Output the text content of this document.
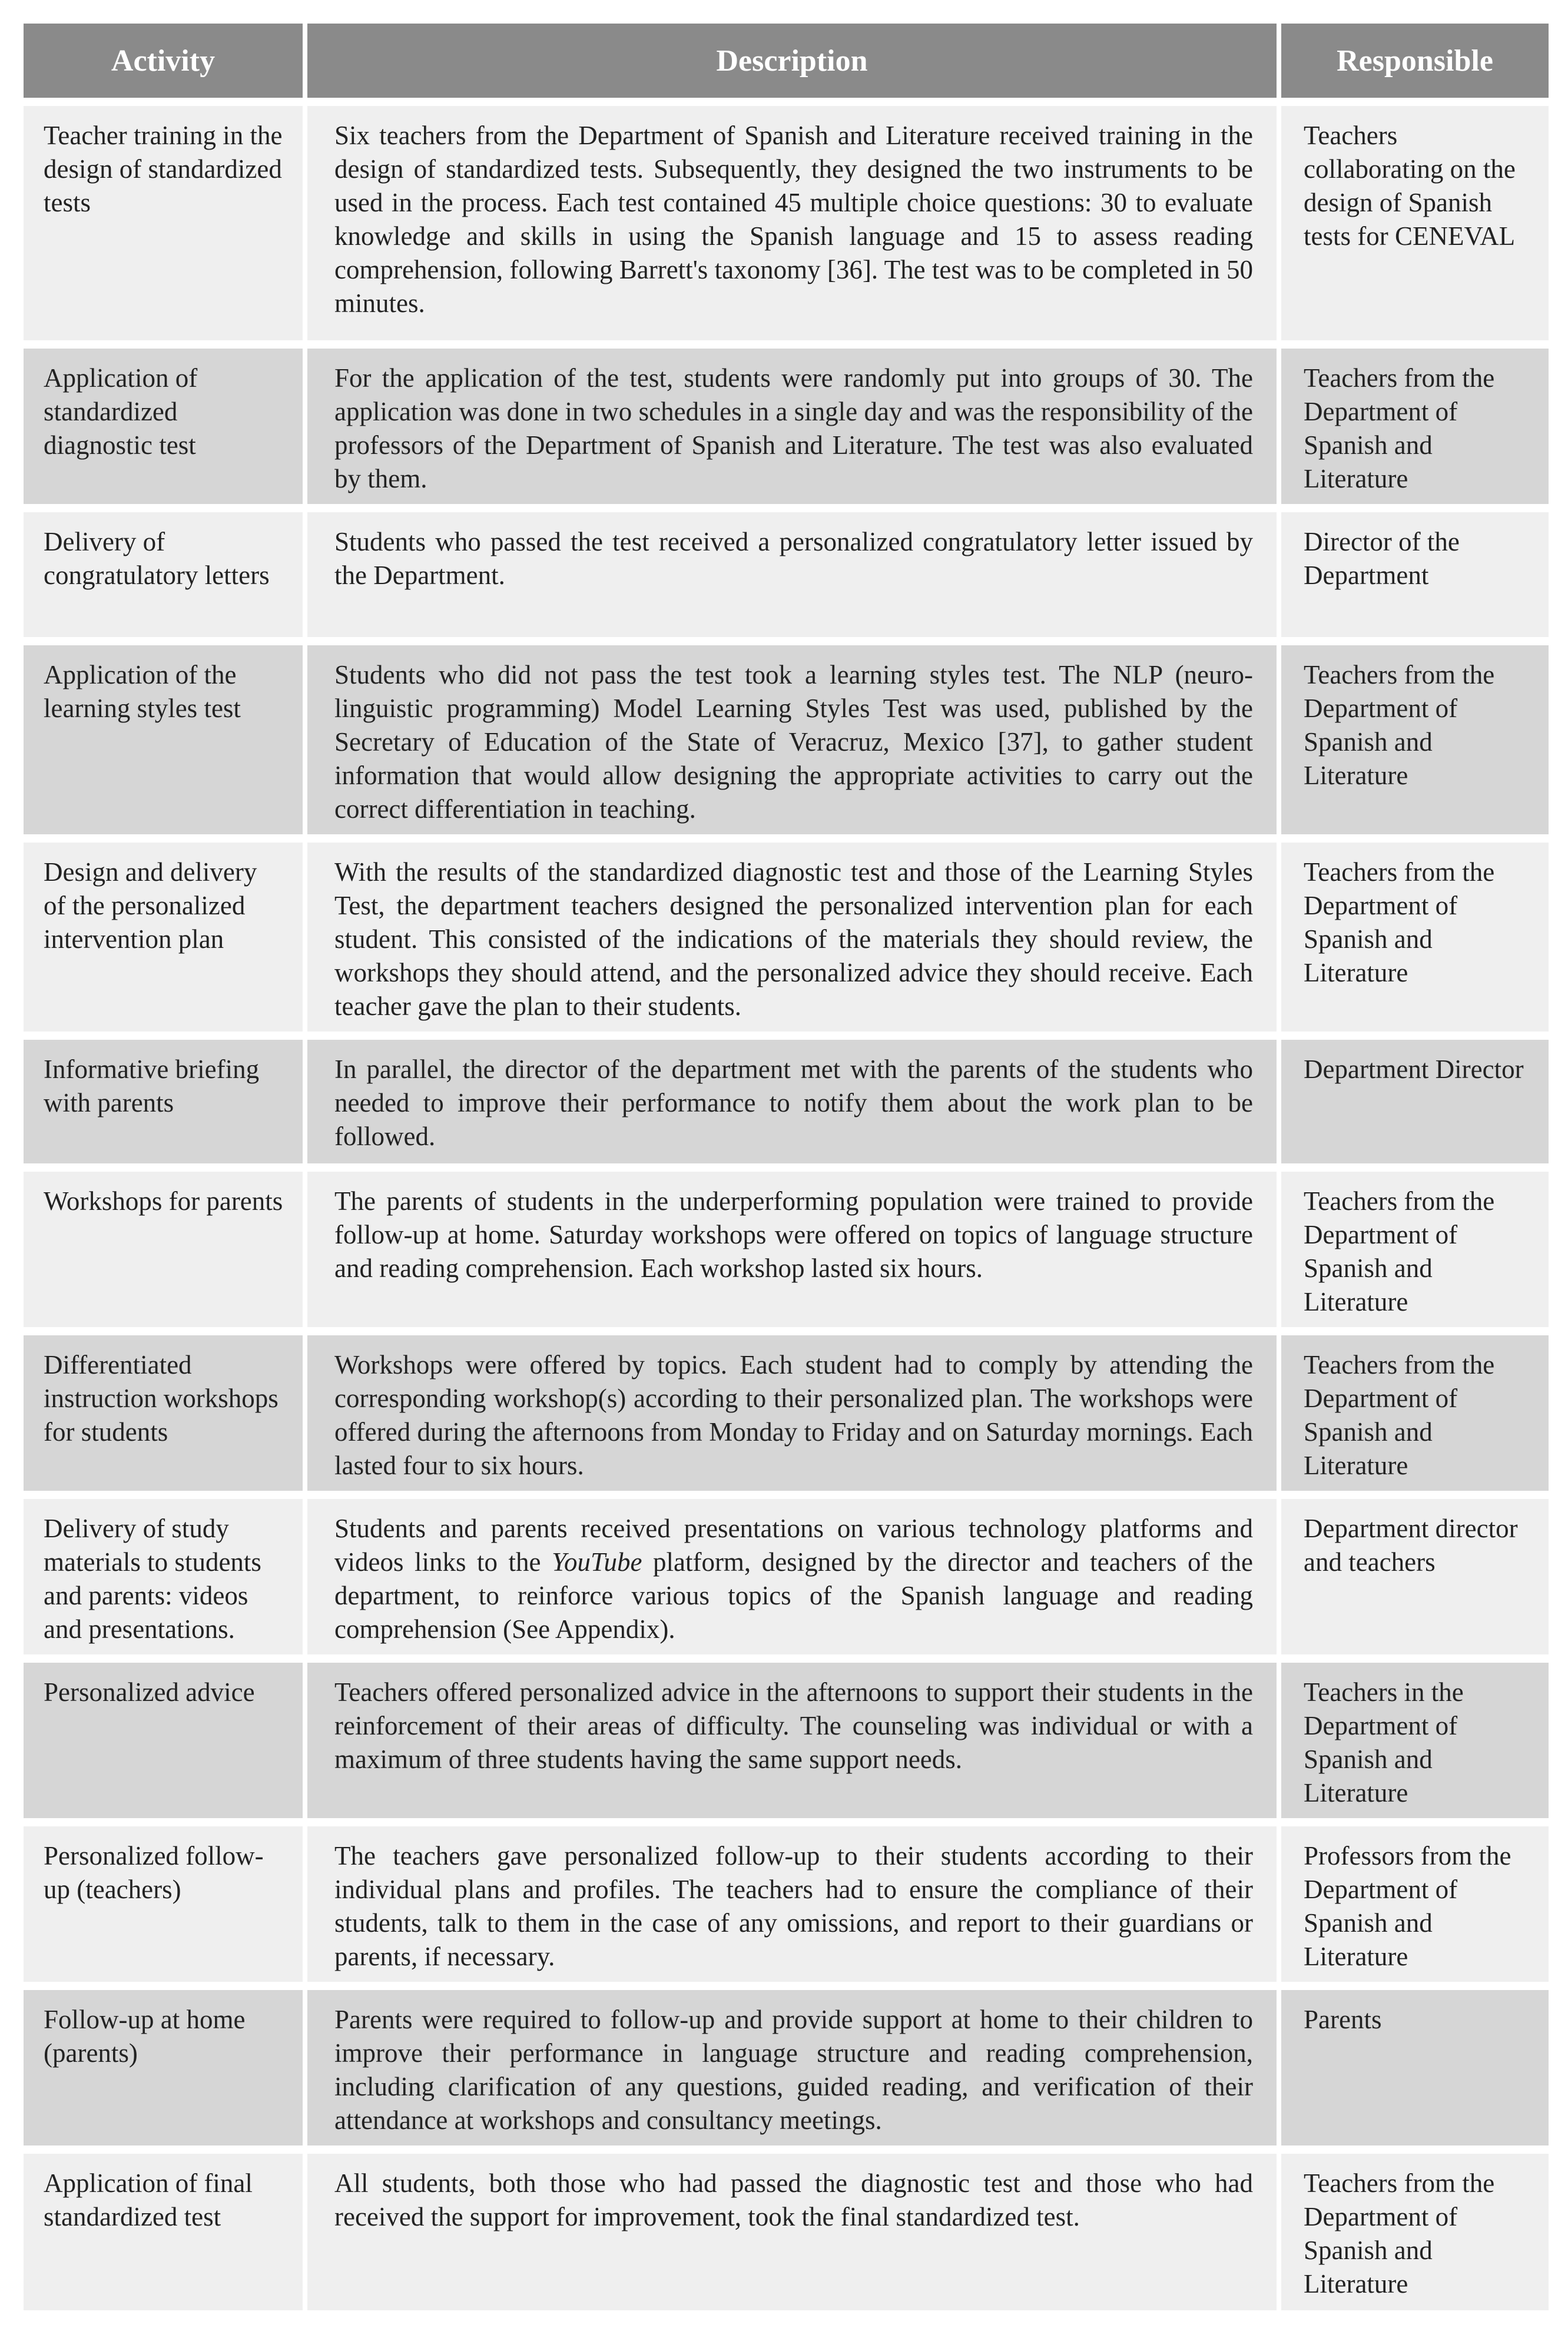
Activity	Description	Responsible
Teacher training in the design of standardized tests	Six teachers from the Department of Spanish and Literature received training in the design of standardized tests. Subsequently, they designed the two instruments to be used in the process. Each test contained 45 multiple choice questions: 30 to evaluate knowledge and skills in using the Spanish language and 15 to assess reading comprehension, following Barrett's taxonomy [36]. The test was to be completed in 50 minutes.	Teachers collaborating on the design of Spanish tests for CENEVAL
Application of standardized diagnostic test	For the application of the test, students were randomly put into groups of 30. The application was done in two schedules in a single day and was the responsibility of the professors of the Department of Spanish and Literature. The test was also evaluated by them.	Teachers from the Department of Spanish and Literature
Delivery of congratulatory letters	Students who passed the test received a personalized congratulatory letter issued by the Department.	Director of the Department
Application of the learning styles test	Students who did not pass the test took a learning styles test. The NLP (neuro-linguistic programming) Model Learning Styles Test was used, published by the Secretary of Education of the State of Veracruz, Mexico [37], to gather student information that would allow designing the appropriate activities to carry out the correct differentiation in teaching.	Teachers from the Department of Spanish and Literature
Design and delivery of the personalized intervention plan	With the results of the standardized diagnostic test and those of the Learning Styles Test, the department teachers designed the personalized intervention plan for each student. This consisted of the indications of the materials they should review, the workshops they should attend, and the personalized advice they should receive. Each teacher gave the plan to their students.	Teachers from the Department of Spanish and Literature
Informative briefing with parents	In parallel, the director of the department met with the parents of the students who needed to improve their performance to notify them about the work plan to be followed.	Department Director
Workshops for parents	The parents of students in the underperforming population were trained to provide follow-up at home. Saturday workshops were offered on topics of language structure and reading comprehension. Each workshop lasted six hours.	Teachers from the Department of Spanish and Literature
Differentiated instruction workshops for students	Workshops were offered by topics. Each student had to comply by attending the corresponding workshop(s) according to their personalized plan. The workshops were offered during the afternoons from Monday to Friday and on Saturday mornings. Each lasted four to six hours.	Teachers from the Department of Spanish and Literature
Delivery of study materials to students and parents: videos and presentations.	Students and parents received presentations on various technology platforms and videos links to the YouTube platform, designed by the director and teachers of the department, to reinforce various topics of the Spanish language and reading comprehension (See Appendix).	Department director and teachers
Personalized advice	Teachers offered personalized advice in the afternoons to support their students in the reinforcement of their areas of difficulty. The counseling was individual or with a maximum of three students having the same support needs.	Teachers in the Department of Spanish and Literature
Personalized follow-up (teachers)	The teachers gave personalized follow-up to their students according to their individual plans and profiles. The teachers had to ensure the compliance of their students, talk to them in the case of any omissions, and report to their guardians or parents, if necessary.	Professors from the Department of Spanish and Literature
Follow-up at home (parents)	Parents were required to follow-up and provide support at home to their children to improve their performance in language structure and reading comprehension, including clarification of any questions, guided reading, and verification of their attendance at workshops and consultancy meetings.	Parents
Application of final standardized test	All students, both those who had passed the diagnostic test and those who had received the support for improvement, took the final standardized test.	Teachers from the Department of Spanish and Literature
